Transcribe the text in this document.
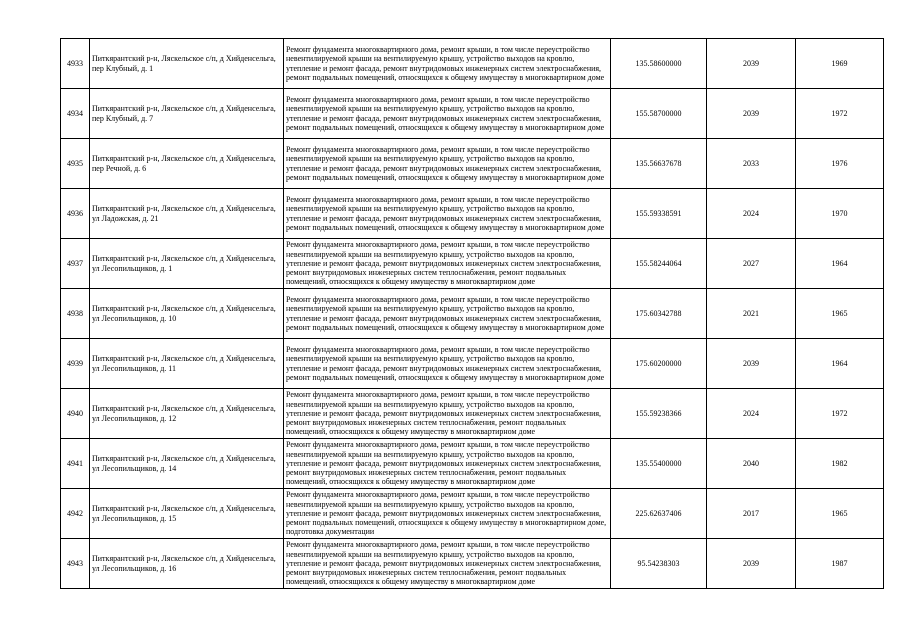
4933	Питкярантский р-н, Ляскельское с/п, д Хийденсельга, пер Клубный, д. 1	Ремонт фундамента многоквартирного дома, ремонт крыши, в том числе переустройство невентилируемой крыши на вентилируемую крышу, устройство выходов на кровлю, утепление и ремонт фасада, ремонт внутридомовых инженерных систем электроснабжения, ремонт подвальных помещений, относящихся к общему имуществу в многоквартирном доме	135.58600000	2039	1969
4934	Питкярантский р-н, Ляскельское с/п, д Хийденсельга, пер Клубный, д. 7	Ремонт фундамента многоквартирного дома, ремонт крыши, в том числе переустройство невентилируемой крыши на вентилируемую крышу, устройство выходов на кровлю, утепление и ремонт фасада, ремонт внутридомовых инженерных систем электроснабжения, ремонт подвальных помещений, относящихся к общему имуществу в многоквартирном доме	155.58700000	2039	1972
4935	Питкярантский р-н, Ляскельское с/п, д Хийденсельга, пер Речной, д. 6	Ремонт фундамента многоквартирного дома, ремонт крыши, в том числе переустройство невентилируемой крыши на вентилируемую крышу, устройство выходов на кровлю, утепление и ремонт фасада, ремонт внутридомовых инженерных систем электроснабжения, ремонт подвальных помещений, относящихся к общему имуществу в многоквартирном доме	135.56637678	2033	1976
4936	Питкярантский р-н, Ляскельское с/п, д Хийденсельга, ул Ладожская, д. 21	Ремонт фундамента многоквартирного дома, ремонт крыши, в том числе переустройство невентилируемой крыши на вентилируемую крышу, устройство выходов на кровлю, утепление и ремонт фасада, ремонт внутридомовых инженерных систем электроснабжения, ремонт подвальных помещений, относящихся к общему имуществу в многоквартирном доме	155.59338591	2024	1970
4937	Питкярантский р-н, Ляскельское с/п, д Хийденсельга, ул Лесопильщиков, д. 1	Ремонт фундамента многоквартирного дома, ремонт крыши, в том числе переустройство невентилируемой крыши на вентилируемую крышу, устройство выходов на кровлю, утепление и ремонт фасада, ремонт внутридомовых инженерных систем электроснабжения, ремонт внутридомовых инженерных систем теплоснабжения, ремонт подвальных помещений, относящихся к общему имуществу в многоквартирном доме	155.58244064	2027	1964
4938	Питкярантский р-н, Ляскельское с/п, д Хийденсельга, ул Лесопильщиков, д. 10	Ремонт фундамента многоквартирного дома, ремонт крыши, в том числе переустройство невентилируемой крыши на вентилируемую крышу, устройство выходов на кровлю, утепление и ремонт фасада, ремонт внутридомовых инженерных систем электроснабжения, ремонт подвальных помещений, относящихся к общему имуществу в многоквартирном доме	175.60342788	2021	1965
4939	Питкярантский р-н, Ляскельское с/п, д Хийденсельга, ул Лесопильщиков, д. 11	Ремонт фундамента многоквартирного дома, ремонт крыши, в том числе переустройство невентилируемой крыши на вентилируемую крышу, устройство выходов на кровлю, утепление и ремонт фасада, ремонт внутридомовых инженерных систем электроснабжения, ремонт подвальных помещений, относящихся к общему имуществу в многоквартирном доме	175.60200000	2039	1964
4940	Питкярантский р-н, Ляскельское с/п, д Хийденсельга, ул Лесопильщиков, д. 12	Ремонт фундамента многоквартирного дома, ремонт крыши, в том числе переустройство невентилируемой крыши на вентилируемую крышу, устройство выходов на кровлю, утепление и ремонт фасада, ремонт внутридомовых инженерных систем электроснабжения, ремонт внутридомовых инженерных систем теплоснабжения, ремонт подвальных помещений, относящихся к общему имуществу в многоквартирном доме	155.59238366	2024	1972
4941	Питкярантский р-н, Ляскельское с/п, д Хийденсельга, ул Лесопильщиков, д. 14	Ремонт фундамента многоквартирного дома, ремонт крыши, в том числе переустройство невентилируемой крыши на вентилируемую крышу, устройство выходов на кровлю, утепление и ремонт фасада, ремонт внутридомовых инженерных систем электроснабжения, ремонт внутридомовых инженерных систем теплоснабжения, ремонт подвальных помещений, относящихся к общему имуществу в многоквартирном доме	135.55400000	2040	1982
4942	Питкярантский р-н, Ляскельское с/п, д Хийденсельга, ул Лесопильщиков, д. 15	Ремонт фундамента многоквартирного дома, ремонт крыши, в том числе переустройство невентилируемой крыши на вентилируемую крышу, устройство выходов на кровлю, утепление и ремонт фасада, ремонт внутридомовых инженерных систем электроснабжения, ремонт подвальных помещений, относящихся к общему имуществу в многоквартирном доме, подготовка документации	225.62637406	2017	1965
4943	Питкярантский р-н, Ляскельское с/п, д Хийденсельга, ул Лесопильщиков, д. 16	Ремонт фундамента многоквартирного дома, ремонт крыши, в том числе переустройство невентилируемой крыши на вентилируемую крышу, устройство выходов на кровлю, утепление и ремонт фасада, ремонт внутридомовых инженерных систем электроснабжения, ремонт внутридомовых инженерных систем теплоснабжения, ремонт подвальных помещений, относящихся к общему имуществу в многоквартирном доме	95.54238303	2039	1987
